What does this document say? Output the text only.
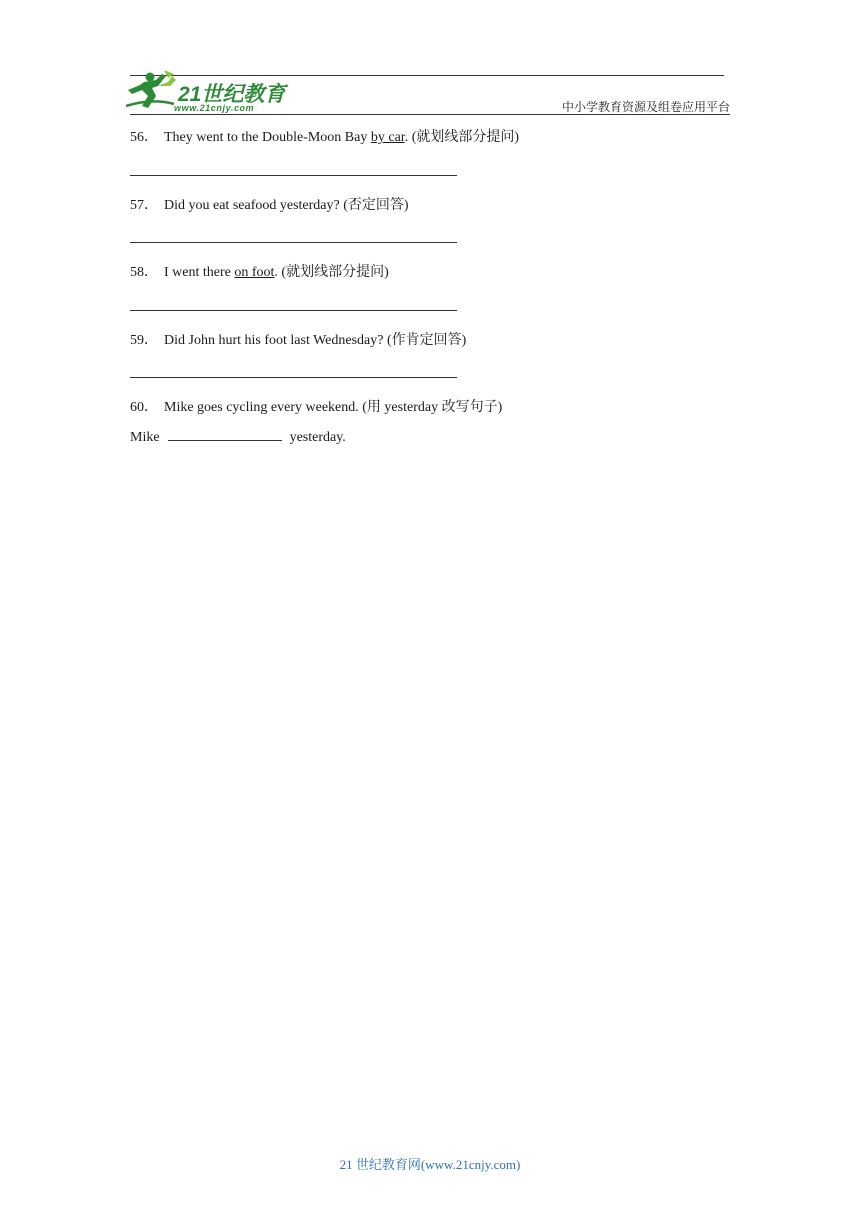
21世纪教育
www.21cnjy.com	中小学教育资源及组卷应用平台
56． They went to the Double-Moon Bay by car. (就划线部分提问)
57． Did you eat seafood yesterday? (否定回答)
58． I went there on foot. (就划线部分提问)
59． Did John hurt his foot last Wednesday? (作肯定回答)
60． Mike goes cycling every weekend. (用 yesterday 改写句子)
Mike	yesterday.
21 世纪教育网(www.21cnjy.com)
